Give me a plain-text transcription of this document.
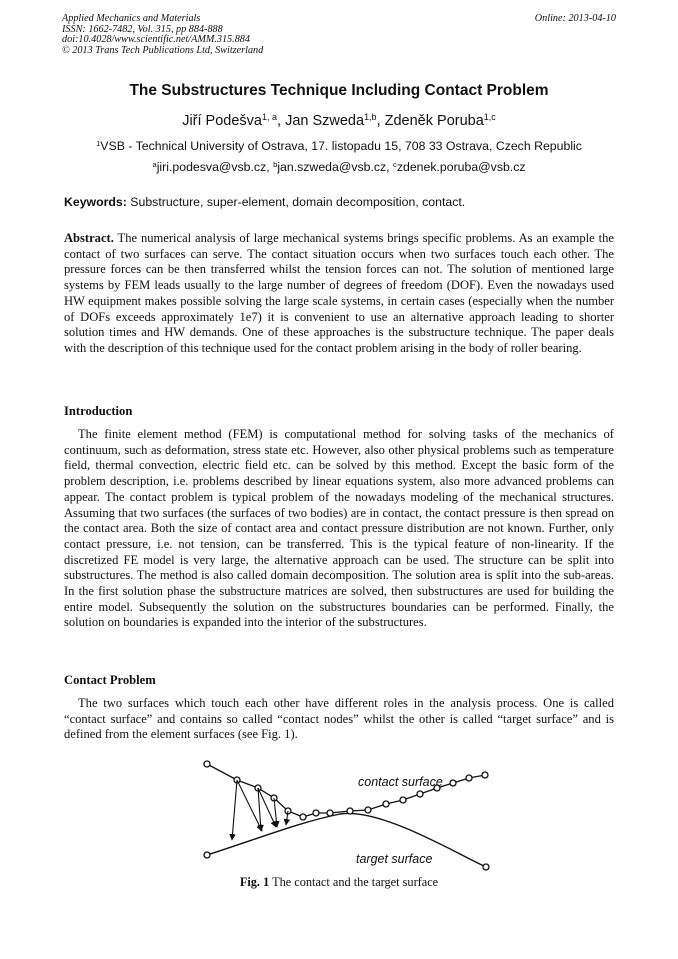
Applied Mechanics and Materials
ISSN: 1662-7482, Vol. 315, pp 884-888
doi:10.4028/www.scientific.net/AMM.315.884
© 2013 Trans Tech Publications Ltd, Switzerland
Online: 2013-04-10
The Substructures Technique Including Contact Problem
Jiří Podešva$^{1, a}$, Jan Szweda$^{1,b}$, Zdeněk Poruba$^{1,c}$
$^1$VSB - Technical University of Ostrava, 17. listopadu 15, 708 33 Ostrava, Czech Republic
$^a$jiri.podesva@vsb.cz, $^b$jan.szweda@vsb.cz, $^c$zdenek.poruba@vsb.cz
Keywords: Substructure, super-element, domain decomposition, contact.

Abstract. The numerical analysis of large mechanical systems brings specific problems. As an example the contact of two surfaces can serve. The contact situation occurs when two surfaces touch each other. The pressure forces can be then transferred whilst the tension forces can not. The solution of mentioned large systems by FEM leads usually to the large number of degrees of freedom (DOF). Even the nowadays used HW equipment makes possible solving the large scale systems, in certain cases (especially when the number of DOFs exceeds approximately 1e7) it is convenient to use an alternative approach leading to shorter solution times and HW demands. One of these approaches is the substructure technique. The paper deals with the description of this technique used for the contact problem arising in the body of roller bearing.

Introduction

The finite element method (FEM) is computational method for solving tasks of the mechanics of continuum, such as deformation, stress state etc. However, also other physical problems such as temperature field, thermal convection, electric field etc. can be solved by this method. Except the basic form of the problem description, i.e. problems described by linear equations system, also more advanced problems can appear. The contact problem is typical problem of the nowadays modeling of the mechanical structures. Assuming that two surfaces (the surfaces of two bodies) are in contact, the contact pressure is then spread on the contact area. Both the size of contact area and contact pressure distribution are not known. Further, only contact pressure, i.e. not tension, can be transferred. This is the typical feature of non-linearity. If the discretized FE model is very large, the alternative approach can be used. The structure can be split into substructures. The method is also called domain decomposition. The solution area is split into the sub-areas. In the first solution phase the substructure matrices are solved, then substructures are used for building the entire model. Subsequently the solution on the substructures boundaries can be performed. Finally, the solution on boundaries is expanded into the interior of the substructures.

Contact Problem

The two surfaces which touch each other have different roles in the analysis process. One is called “contact surface” and contains so called “contact nodes” whilst the other is called “target surface” and is defined from the element surfaces (see Fig. 1).

contact surface
target surface
Fig. 1 The contact and the target surface
